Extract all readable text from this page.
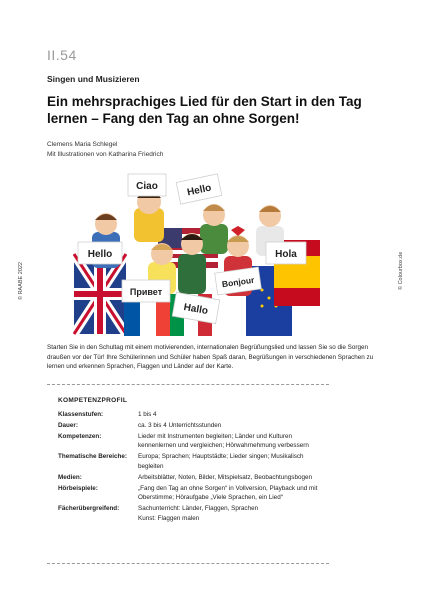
II.54
Singen und Musizieren
Ein mehrsprachiges Lied für den Start in den Tag lernen – Fang den Tag an ohne Sorgen!
Clemens Maria Schlegel
Mit Illustrationen von Katharina Friedrich
© RAABE 2022	© Colourbox.de
Ciao	Hello
Hello	Hola
Привет
Bonjour
Hallo

Starten Sie in den Schultag mit einem motivierenden, internationalen Begrüßungslied und lassen Sie so die Sorgen draußen vor der Tür! Ihre Schülerinnen und Schüler haben Spaß daran, Begrüßungen in verschiedenen Sprachen zu lernen und erkennen Sprachen, Flaggen und Länder auf der Karte.

KOMPETENZPROFIL
Klassenstufen:	1 bis 4
Dauer:	ca. 3 bis 4 Unterrichtsstunden
Kompetenzen:	Lieder mit Instrumenten begleiten; Länder und Kulturen kennenlernen und vergleichen; Hörwahrnehmung verbessern
Thematische Bereiche:	Europa; Sprachen; Hauptstädte; Lieder singen; Musikalisch begleiten
Medien:	Arbeitsblätter, Noten, Bilder, Mitspielsatz, Beobachtungsbogen
Hörbeispiele:	„Fang den Tag an ohne Sorgen“ in Vollversion, Playback und mit Oberstimme; Höraufgabe „Viele Sprachen, ein Lied“
Fächerübergreifend:	Sachunterricht: Länder, Flaggen, Sprachen
Kunst: Flaggen malen
